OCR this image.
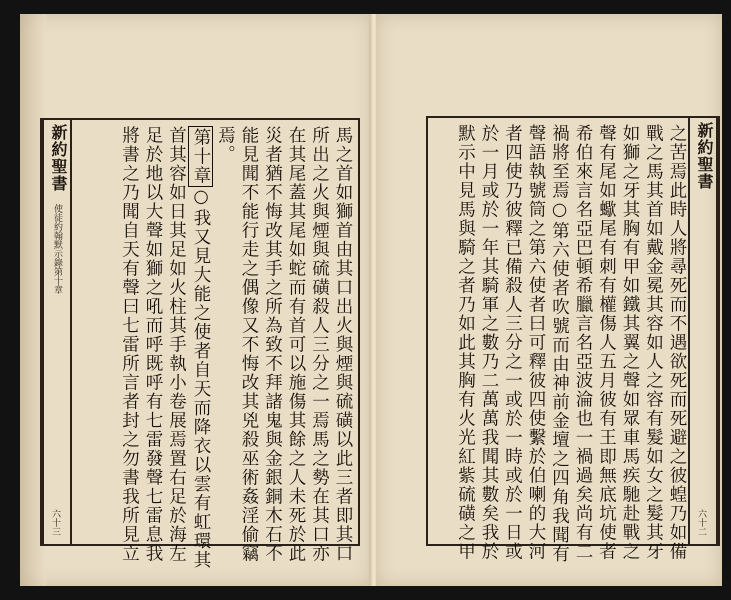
新約聖書
使徒約翰默示錄第十章
六十三	馬之首如獅首由其口出火與煙與硫磺以此三者即其口
所出之火與煙與硫磺殺人三分之一焉馬之勢在其口亦
在其尾蓋其尾如蛇而有首可以施傷其餘之人未死於此
災者猶不悔改其手之所為致不拜諸鬼與金銀銅木石不
能見聞不能行走之偶像又不悔改其兇殺巫術姦淫偷竊
焉。
第十章○我又見大能之使者自天而降衣以雲有虹環其
首其容如日其足如火柱其手執小卷展焉置右足於海左
足於地以大聲如獅之吼而呼既呼有七雷發聲七雷息我
將書之乃聞自天有聲曰七雷所言者封之勿書我所見立	新約聖書
六十二
之苦焉此時人將尋死而不遇欲死而死避之彼蝗乃如備
戰之馬其首如戴金冕其容如人之容有髮如女之髮其牙
如獅之牙其胸有甲如鐵其翼之聲如眾車馬疾馳赴戰之
聲有尾如蠍尾有刺有權傷人五月彼有王即無底坑使者
希伯來言名亞巴頓希臘言名亞波淪也一禍過矣尚有二
禍將至焉○第六使者吹號而由神前金壇之四角我聞有
聲語執號筒之第六使者曰可釋彼四使繫於伯喇的大河
者四使乃彼釋已備殺人三分之一或於一時或於一日或
於一月或於一年其騎軍之數乃二萬萬我聞其數矣我於
默示中見馬與騎之者乃如此其胸有火光紅紫硫磺之甲
